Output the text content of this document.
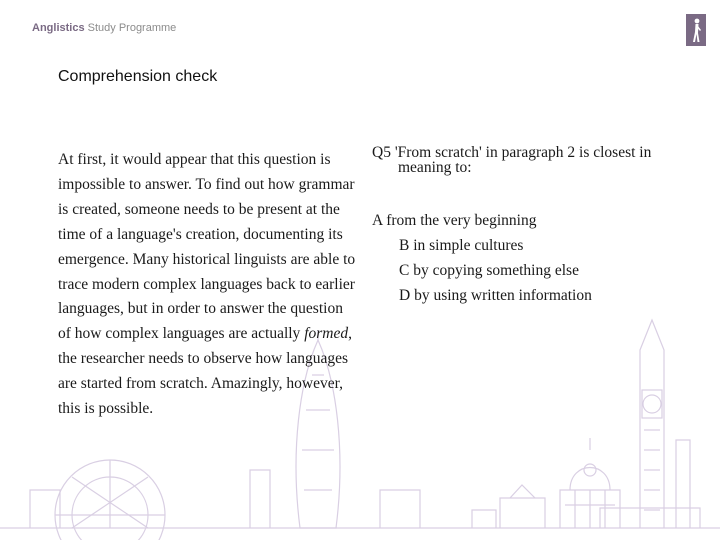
Anglistics Study Programme
Comprehension check

At first, it would appear that this question is impossible to answer. To find out how grammar is created, someone needs to be present at the time of a language's creation, documenting its emergence. Many historical linguists are able to trace modern complex languages back to earlier languages, but in order to answer the question of how complex languages are actually formed, the researcher needs to observe how languages are started from scratch. Amazingly, however, this is possible.

Q5 'From scratch' in paragraph 2 is closest in meaning to:
A from the very beginning
B in simple cultures
C by copying something else
D by using written information
